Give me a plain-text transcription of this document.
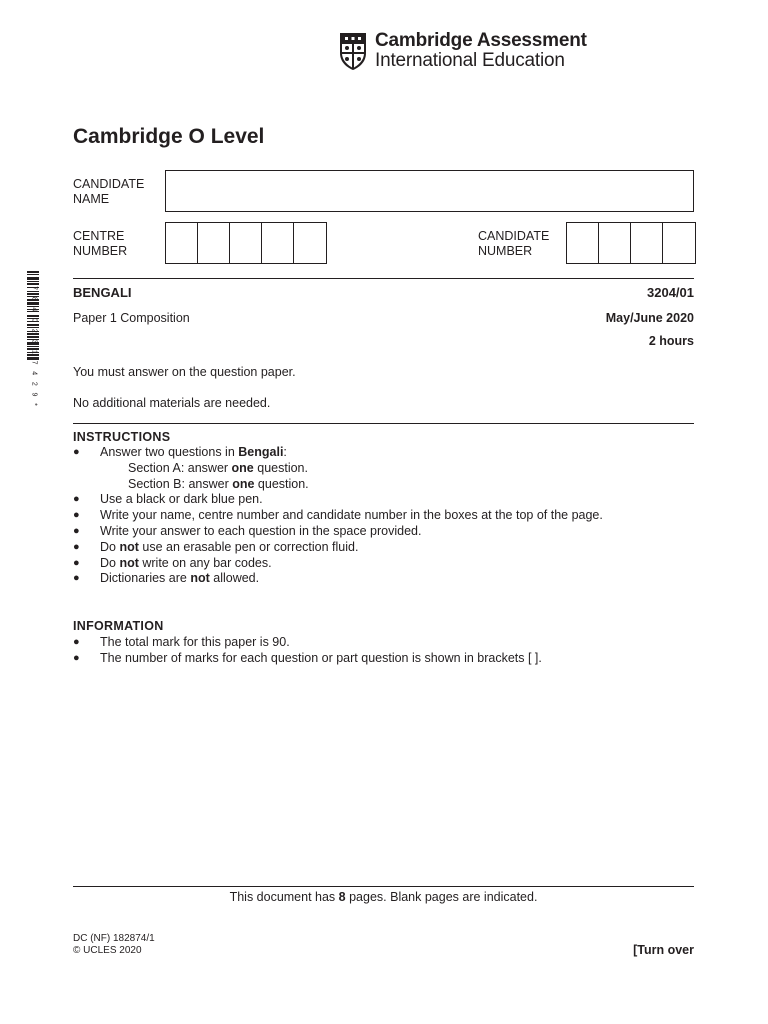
Cambridge Assessment
International Education
Cambridge O Level
CANDIDATE
NAME
CENTRE
NUMBER
CANDIDATE
NUMBER
* 7 8 4 0 2 3 1 7 4 2 9 *	BENGALI	3204/01
Paper 1 Composition	May/June 2020
2 hours
You must answer on the question paper.
No additional materials are needed.
INSTRUCTIONS
● Answer two questions in Bengali:
Section A: answer one question.
Section B: answer one question.
● Use a black or dark blue pen.
● Write your name, centre number and candidate number in the boxes at the top of the page.
● Write your answer to each question in the space provided.
● Do not use an erasable pen or correction fluid.
● Do not write on any bar codes.
● Dictionaries are not allowed.
INFORMATION
● The total mark for this paper is 90.
● The number of marks for each question or part question is shown in brackets [ ].
This document has 8 pages. Blank pages are indicated.
DC (NF) 182874/1
© UCLES 2020	[Turn over
